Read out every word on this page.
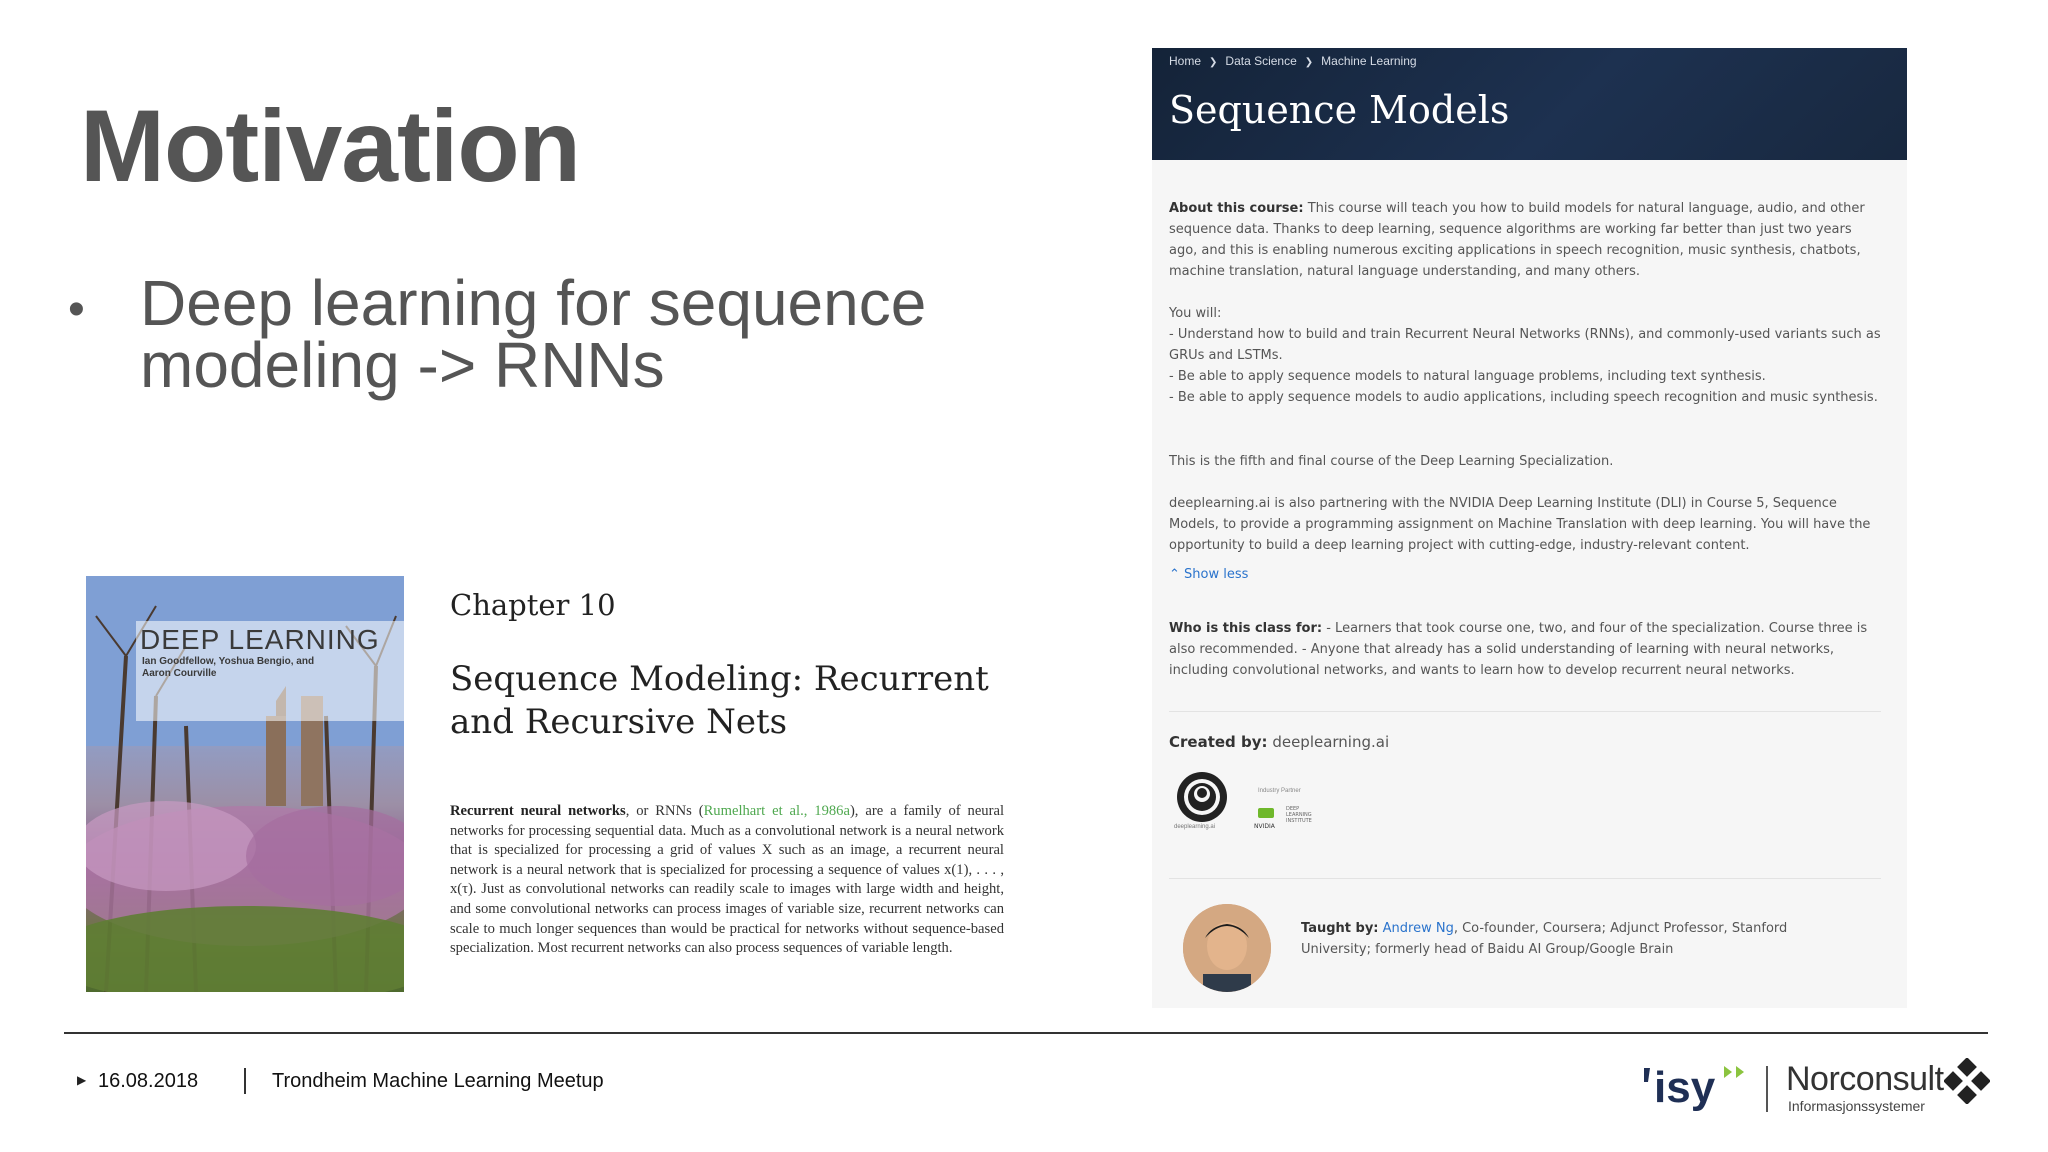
Motivation
• Deep learning for sequence modeling -> RNNs
DEEP LEARNING
Ian Goodfellow, Yoshua Bengio, and Aaron Courville
Chapter 10
Sequence Modeling: Recurrent and Recursive Nets

Recurrent neural networks, or RNNs (Rumelhart et al., 1986a), are a family of neural networks for processing sequential data. Much as a convolutional network is a neural network that is specialized for processing a grid of values X such as an image, a recurrent neural network is a neural network that is specialized for processing a sequence of values x(1), . . . , x(τ). Just as convolutional networks can readily scale to images with large width and height, and some convolutional networks can process images of variable size, recurrent networks can scale to much longer sequences than would be practical for networks without sequence-based specialization. Most recurrent networks can also process sequences of variable length.

Home ❯ Data Science ❯ Machine Learning
Sequence Models
About this course: This course will teach you how to build models for natural language, audio, and other sequence data. Thanks to deep learning, sequence algorithms are working far better than just two years ago, and this is enabling numerous exciting applications in speech recognition, music synthesis, chatbots, machine translation, natural language understanding, and many others.
You will:
- Understand how to build and train Recurrent Neural Networks (RNNs), and commonly-used variants such as GRUs and LSTMs.
- Be able to apply sequence models to natural language problems, including text synthesis.
- Be able to apply sequence models to audio applications, including speech recognition and music synthesis.
This is the fifth and final course of the Deep Learning Specialization.
deeplearning.ai is also partnering with the NVIDIA Deep Learning Institute (DLI) in Course 5, Sequence Models, to provide a programming assignment on Machine Translation with deep learning. You will have the opportunity to build a deep learning project with cutting-edge, industry-relevant content.
⌃ Show less
Who is this class for: - Learners that took course one, two, and four of the specialization. Course three is also recommended. - Anyone that already has a solid understanding of learning with neural networks, including convolutional networks, and wants to learn how to develop recurrent neural networks.
Created by: deeplearning.ai
deeplearning.ai
Industry Partner
NVIDIA
DEEP LEARNING INSTITUTE
Taught by: Andrew Ng, Co-founder, Coursera; Adjunct Professor, Stanford University; formerly head of Baidu AI Group/Google Brain
▶ 16.08.2018	Trondheim Machine Learning Meetup	isy Norconsult
Informasjonssystemer
